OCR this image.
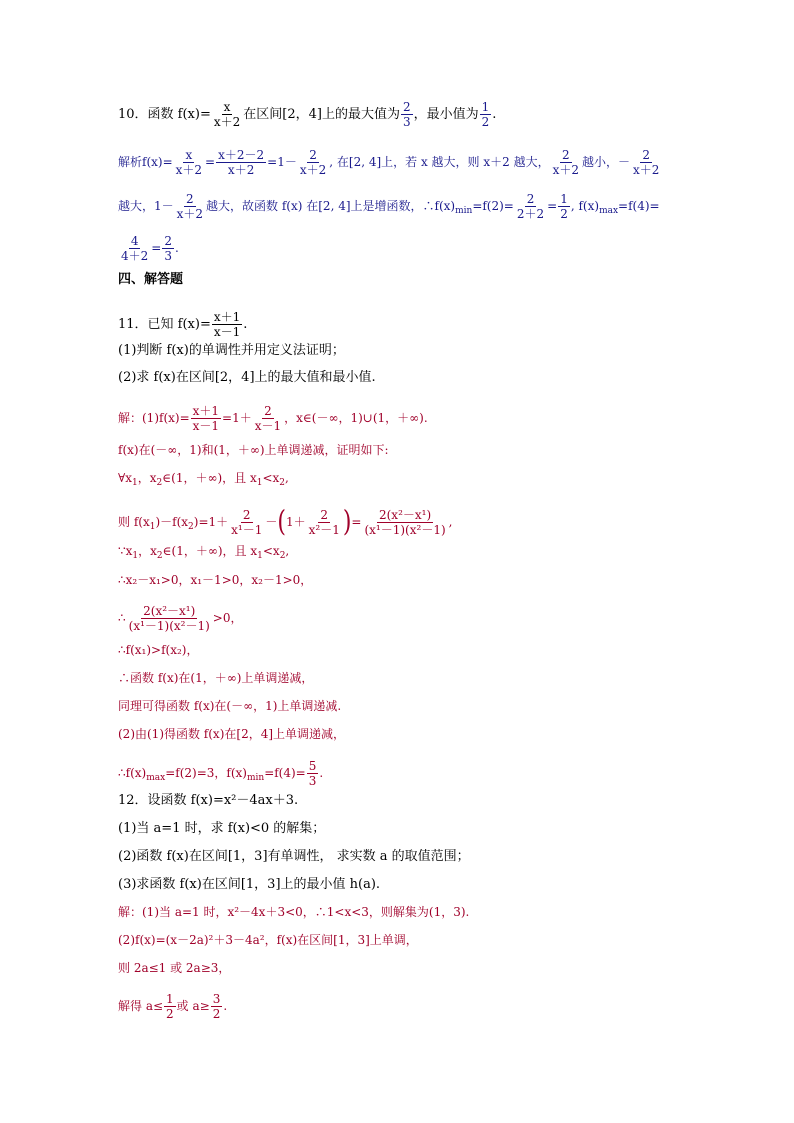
10．函数 $f(x)= \frac{x}{x+2}$ 在区间[2，4]上的最大值为 $\frac{2}{3}$ ，最小值为 $\frac{1}{2}$ .
解析$f(x)= \frac{x}{x+2} = \frac{x+2-2}{x+2} =1- \frac{2}{x+2}$ , 在[2, 4]上，若 x 越大，则 x＋2 越大， $\frac{2}{x+2}$ 越小，－ $\frac{2}{x+2}$
越大，$1- \frac{2}{x+2}$ 越大，故函数 f(x) 在[2, 4]上是增函数，$\therefore f(x)_{min}=f(2)= \frac{2}{2+2} = \frac{1}{2}$ , $f(x)_{max}=f(4)=$
$\frac{4}{4+2} = \frac{2}{3}$ .
四、解答题
11．已知 $f(x)= \frac{x+1}{x-1}$ .
(1)判断 f(x)的单调性并用定义法证明；
(2)求 f(x)在区间[2，4]上的最大值和最小值.
解：$(1)f(x)= \frac{x+1}{x-1} =1+ \frac{2}{x-1}$ ，x∈(－∞，1)∪(1，＋∞).
f(x)在(－∞，1)和(1，＋∞)上单调递减，证明如下:
$\forall x_1$，$x_2\in(1$，＋∞)，且 $x_1<x_2$,
则 $f(x_1)-f(x_2)=1+ \frac{2}{\text{x¹－1}} -(1+ \frac{2}{\text{x²－1}}$ )= $\frac{\text{2(x²－x¹)}}{\text{(x¹－1)(x²－1)}}$ ,
$\because x_1$，$x_2\in(1$，＋∞)，且 $x_1<x_2$,
∴x₂－x₁>0，x₁－1>0，x₂－1>0，
∴ $\frac{\text{2(x²－x¹)}}{\text{(x¹－1)(x²－1)}} >0$，
∴f(x₁)>f(x₂)，
∴函数 f(x)在(1，＋∞)上单调递减，
同理可得函数 f(x)在(－∞，1)上单调递减.
(2)由(1)得函数 f(x)在[2，4]上单调递减，
$\therefore f(x)_{max}=f(2)=3$，$f(x)_{min}=f(4)= \frac{5}{3}$ .
12．设函数 f(x)=x²－4ax＋3.
(1)当 a=1 时，求 f(x)<0 的解集；
(2)函数 f(x)在区间[1，3]有单调性， 求实数 a 的取值范围；
(3)求函数 f(x)在区间[1，3]上的最小值 h(a).
解：(1)当 a=1 时，x²－4x＋3<0，∴1<x<3，则解集为(1，3).
(2)f(x)=(x－2a)²＋3－4a²，f(x)在区间[1，3]上单调，
则 2a≤1 或 2a≥3，
解得 $a\le \frac{1}{2}$ 或 $a\ge \frac{3}{2}$ .
